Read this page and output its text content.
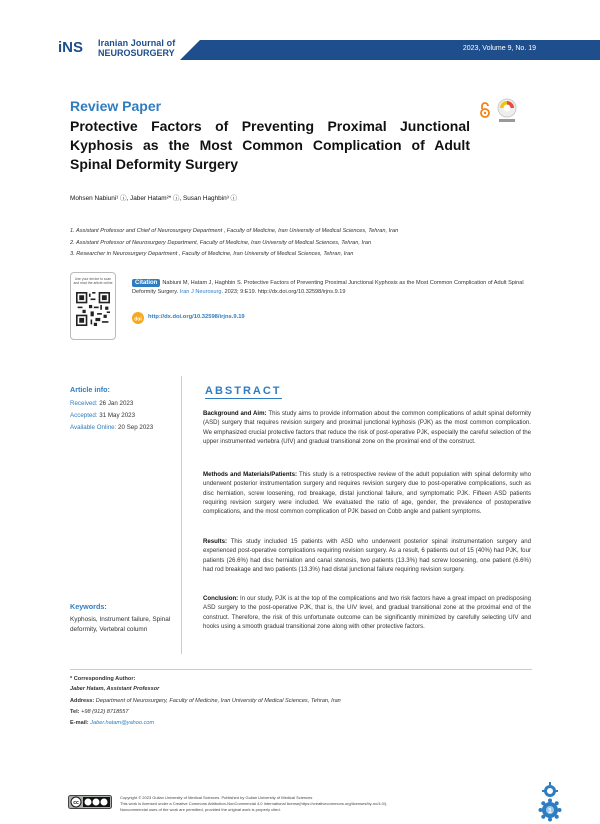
iNS Iranian Journal of
NEUROSURGERY	2023, Volume 9, No. 19
Review Paper
Protective Factors of Preventing Proximal Junctional Kyphosis as the Most Common Complication of Adult Spinal Deformity Surgery
Mohsen Nabiuni¹ ⓘ, Jaber Hatam²* ⓘ, Susan Haghbin³ ⓘ
1. Assistant Professor and Chief of Neurosurgery Department , Faculty of Medicine, Iran University of Medical Sciences, Tehran, Iran
2. Assistant Professor of Neurosurgery Department, Faculty of Medicine, Iran University of Medical Sciences, Tehran, Iran
3. Researcher in Neurosurgery Department , Faculty of Medicine, Iran University of Medical Sciences, Tehran, Iran
Use your device to scan and read the article online	Citation Nabiuni M, Hatam J, Haghbin S. Protective Factors of Preventing Proximal Junctional Kyphosis as the Most Common Complication of Adult Spinal Deformity Surgery. Iran J Neurosurg. 2023; 9:E19. http://dx.doi.org/10.32598/irjns.9.19
doi http://dx.doi.org/10.32598/irjns.9.19
Article info:
Received: 26 Jan 2023
Accepted: 31 May 2023
Available Online: 20 Sep 2023
Keywords:
Kyphosis, Instrument failure, Spinal deformity, Vertebral column
ABSTRACT
Background and Aim: This study aims to provide information about the common complications of adult spinal deformity (ASD) surgery that requires revision surgery and proximal junctional kyphosis (PJK) as the most common complication. We emphasized crucial protective factors that reduce the risk of post-operative PJK, especially the careful selection of the upper instrumented vertebra (UIV) and gradual transitional zone on the proximal end of the construct.
Methods and Materials/Patients: This study is a retrospective review of the adult population with spinal deformity who underwent posterior instrumentation surgery and requires revision surgery due to post-operative complications, such as disc herniation, screw loosening, rod breakage, distal junctional failure, and symptomatic PJK. Fifteen ASD patients requiring revision surgery were included. We evaluated the ratio of age, gender, the prevalence of postoperative complications, and the most common complication of PJK based on Cobb angle and patient symptoms.
Results: This study included 15 patients with ASD who underwent posterior spinal instrumentation surgery and experienced post-operative complications requiring revision surgery. As a result, 6 patients out of 15 (40%) had PJK, four patients (26.6%) had disc herniation and canal stenosis, two patients (13.3%) had screw loosening, one patient (6.6%) had rod breakage and two patients (13.3%) had distal junctional failure requiring revision surgery.
Conclusion: In our study, PJK is at the top of the complications and two risk factors have a great impact on predisposing ASD surgery to the post-operative PJK, that is, the UIV level, and gradual transitional zone at the proximal end of the construct. Therefore, the risk of this unfortunate outcome can be significantly minimized by carefully selecting UIV and hooks using a smooth gradual transitional zone along with other protective factors.
* Corresponding Author:
Jaber Hatam, Assistant Professor
Address: Department of Neurosurgery, Faculty of Medicine, Iran University of Medical Sciences, Tehran, Iran
Tel: +98 (912) 8718557
E-mail: Jaber.hatam@yahoo.com
cc
Copyright © 2023 Guilan University of Medical Sciences. Published by Guilan University of Medical Sciences
This work is licensed under a Creative Commons Attribution-NonCommercial 4.0 International license(https://creativecommons.org/licenses/by-nc/4.0/).
Noncommercial uses of the work are permitted, provided the original work is properly cited.	1
